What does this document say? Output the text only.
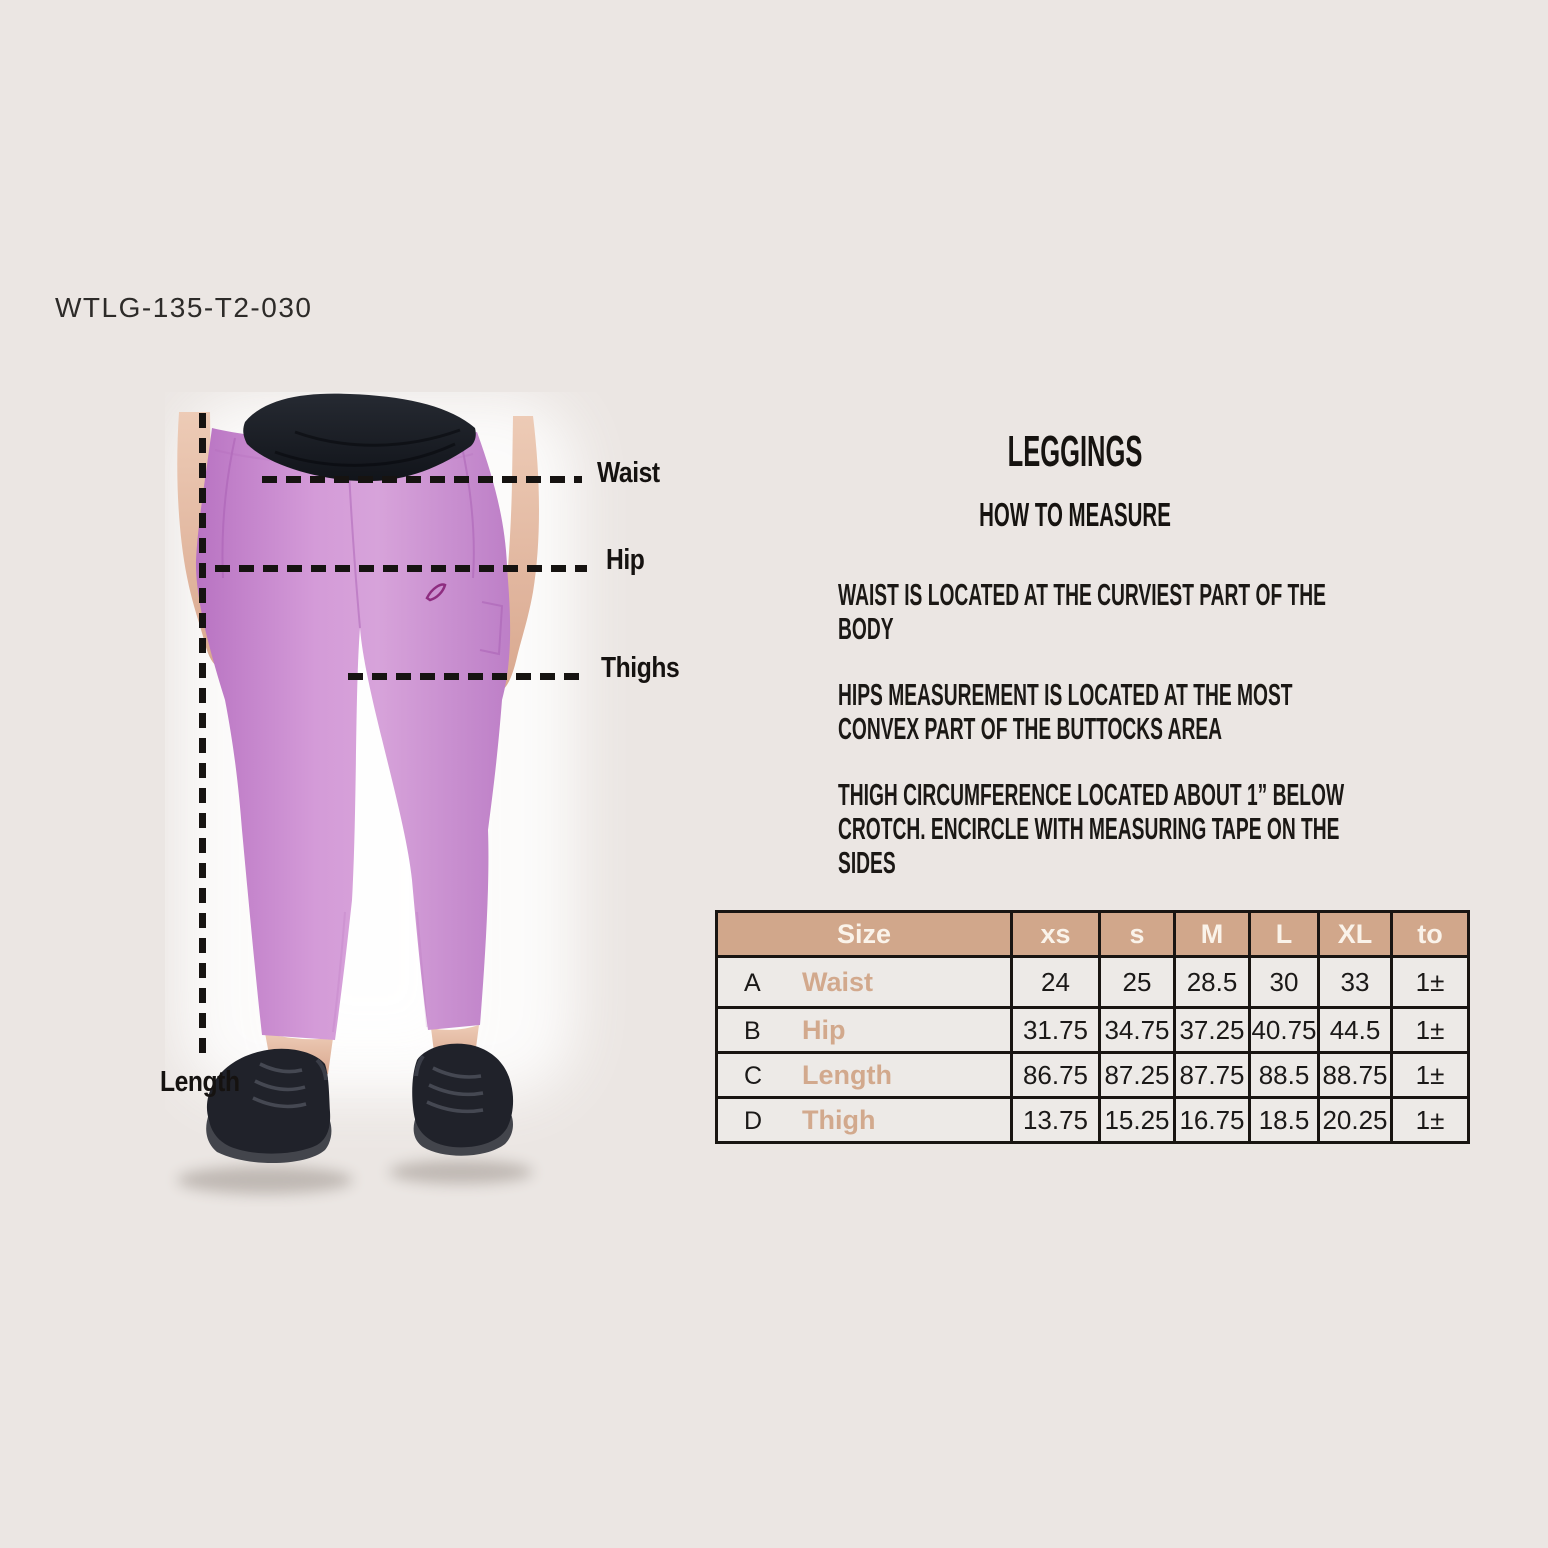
WTLG-135-T2-030
Waist
Hip
Thighs
Length
LEGGINGS
HOW TO MEASURE

WAIST IS LOCATED AT THE CURVIEST PART OF THE BODY

HIPS MEASUREMENT IS LOCATED AT THE MOST CONVEX PART OF THE BUTTOCKS AREA

THIGH CIRCUMFERENCE LOCATED ABOUT 1” BELOW CROTCH. ENCIRCLE WITH MEASURING TAPE ON THE SIDES

Size	xs	s	M	L	XL	to
A Waist	24	25	28.5	30	33	1±
B Hip	31.75	34.75	37.25	40.75	44.5	1±
C Length	86.75	87.25	87.75	88.5	88.75	1±
D Thigh	13.75	15.25	16.75	18.5	20.25	1±
